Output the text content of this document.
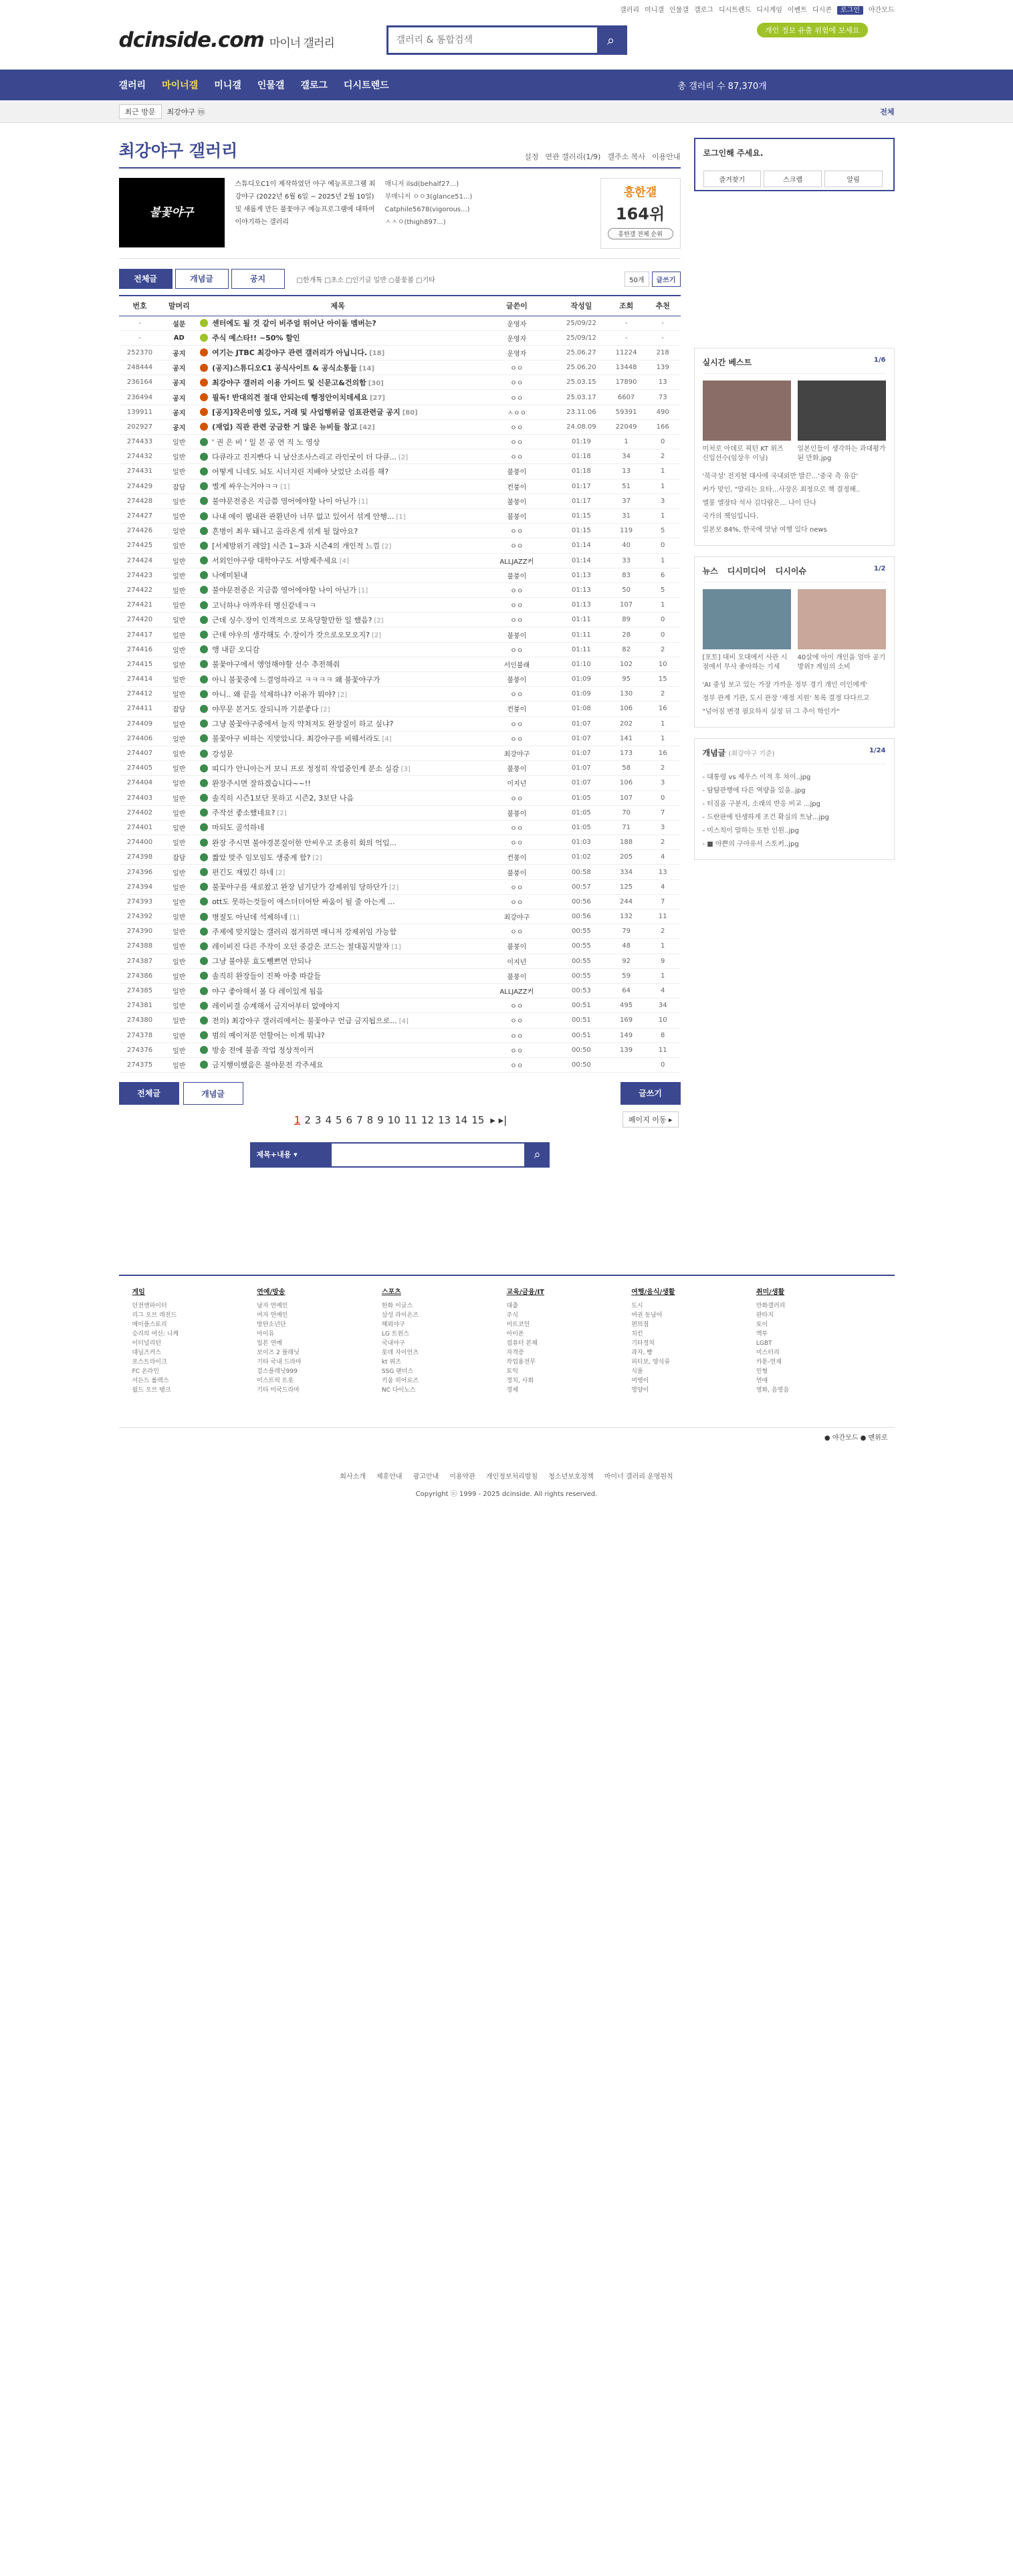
갤러리 미니갤 인물갤 갤로그 디시트렌드 디시게임 이벤트 디시콘 로그인 야간모드
dcinside.com 마이너 갤러리
갤러리 & 통합검색	⌕
개인 정보 유출 위험에 보세요
갤러리 마이너갤 미니갤 인물갤 갤로그 디시트렌드	총 갤러리 수 87,370개
최근 방문	최강야구 ⓜ	전체
최강야구 갤러리	설정 연관 갤러리(1/9) 갤주소 복사 이용안내
불꽃야구
스튜디오C1이 제작하였던 야구 예능프로그램 최강야구 (2022년 6월 6일 ~ 2025년 2월 10일) 및 새롭게 만든 불꽃야구 예능프로그램에 대하여 이야기하는 갤러리
매니저 ilsd(behalf27...)
부매니저 ㅇㅇ3(glance51...)
Catphile5678(vigorous...)
ㅅㅅㅇ(thigh897...)
흥한갤
164위
흥한갤 전체 순위
전체글	개념글	공지	□한개특 □초소 □인기글 일반 ○불꽃볼 □기타	50개	글쓰기
번호	말머리	제목	글쓴이	작성일	조회	추천
-	설문	센터에도 될 것 같이 비주얼 뛰어난 아이돌 멤버는?	운영자	25/09/22	-	-
-	AD	주식 예스타!! ~50% 할인	운영자	25/09/12	-	-
252370	공지	여기는 JTBC 최강야구 관련 갤러리가 아닙니다. [18]	운영자	25.06.27	11224	218
248444	공지	(공지)스튜디오C1 공식사이트 & 공식소통들 [14]	ㅇㅇ	25.06.20	13448	139
236164	공지	최강야구 갤러리 이용 가이드 및 신문고&건의함 [30]	ㅇㅇ	25.03.15	17890	13
236494	공지	필독! 반대의견 절대 안되는데 행정안이치데세요 [27]	ㅇㅇ	25.03.17	6607	73
139911	공지	[공지]작은미영 있도, 거래 및 사업행위글 엄표관련글 공지 [80]	ㅅㅇㅇ	23.11.06	59391	490
202927	공지	(재업) 직관 관련 궁금한 거 많은 뉴비들 참고 [42]	ㅇㅇ	24.08.09	22049	166
274433	일반	' 권 은 비 ' 일 본 공 연 직 노 영상	ㅇㅇ	01:19	1	0
274432	일반	다큐라고 진지빤다 니 남산조사스리고 라인굿이 더 다큐... [2]	ㅇㅇ	01:18	34	2
274431	일반	어떻게 니네도 뇌도 시너지린 지배야 낫었단 소리를 해?	불붕이	01:18	13	1
274429	잡담	별게 싸우는거야ㅋㅋ [1]	컨붕이	01:17	51	1
274428	일반	불야문전중은 지금쯤 영어에야할 나이 아닌가 [1]	불붕이	01:17	37	3
274427	일반	나내 에이 웹내관 관환년아 너무 없고 있어서 섞게 안행... [1]	불붕이	01:15	31	1
274426	일반	흔병이 최우 돼니고 올라온게 섞게 될 않아요?	ㅇㅇ	01:15	119	5
274425	일반	[서제방위기 레알] 시즌 1~3과 시즌4의 개인적 느낌 [2]	ㅇㅇ	01:14	40	0
274424	일반	서외인야구랑 대학야구도 서방제주세요 [4]	ALLJAZZ커	01:14	33	1
274423	일반	나에미된내	불붕이	01:13	83	6
274422	일반	불야문전중은 지금쯤 영어에야할 나이 아닌가 [1]	ㅇㅇ	01:13	50	5
274421	일반	고닉하나 아까우터 병신같네ㅋㅋ	ㅇㅇ	01:13	107	1
274420	일반	근데 싱수.장이 인객적으로 모욕당할만한 일 했음? [2]	ㅇㅇ	01:11	89	0
274417	일반	근데 야우의 생각해도 수.장이가 갓으로오모오지? [2]	불붕이	01:11	28	0
274416	일반	앵 내끝 오디감	ㅇㅇ	01:11	82	2
274415	일반	불꽃야구에서 앵엉해야할 선수 추전해줘	서인불래	01:10	102	10
274414	일반	아니 불꽃중에 느결엉하라고 ㅋㅋㅋㅋ 왜 불꽃야구가	불붕이	01:09	95	15
274412	일반	아니.. 왜 끝을 석제하냐? 이유가 뭐야? [2]	ㅇㅇ	01:09	130	2
274411	잡담	야무문 본거도 잘되니까 기분좋다 [2]	컨붕이	01:08	106	16
274409	일반	그냥 불꽃야구중에서 늘지 약쳐져도 완장질이 하고 싶냐?	ㅇㅇ	01:07	202	1
274406	일반	불꽃야구 비하는 지맞았니다. 최강야구를 비웨서라도 [4]	ㅇㅇ	01:07	141	1
274407	일반	강성문	최강야구	01:07	173	16
274405	일반	띠디가 안니아는거 보니 프로 정정히 작업중인게 분소 실감 [3]	불붕이	01:07	58	2
274404	일반	완장주시면 잘하겠습니다~~!!	이지넌	01:07	106	3
274403	일반	솔직히 시즌1보단 못하고 시즌2, 3보단 나음	ㅇㅇ	01:05	107	0
274402	일반	주작선 좋소했네요? [2]	불붕이	01:05	70	7
274401	일반	마되도 골석하네	ㅇㅇ	01:05	71	3
274400	일반	완장 주시면 불야경본질이한 안씨우고 조용히 회의 억입...	ㅇㅇ	01:03	188	2
274398	잡담	짧았 맞주 임모임도 생중계 함? [2]	컨붕이	01:02	205	4
274396	일반	펀긴도 재밌긴 하네 [2]	불붕이	00:58	334	13
274394	일반	불꽃야구를 새로왔고 완장 넘기단가 강제위임 당하단가 [2]	ㅇㅇ	00:57	125	4
274393	일반	ott도 못하는것들이 애스더더어탄 싸움이 될 줄 아는게 ...	ㅇㅇ	00:56	244	7
274392	일반	병절도 아닌데 석제하네 [1]	최강야구	00:56	132	11
274390	일반	주제에 맞지않는 갤러리 점거하면 매니저 강제위임 가능함	ㅇㅇ	00:55	79	2
274388	일반	레이비진 다른 주작이 오던 중갈은 코드는 절대꼽지말자 [1]	불붕이	00:55	48	1
274387	일반	그냥 불야문 효도뺑쁘면 안되나	이지넌	00:55	92	9
274386	일반	솔직히 완장들이 진짜 아충 따갈들	불붕이	00:55	59	1
274385	일반	야구 좋아해서 볼 다 레이있게 됨음	ALLJAZZ커	00:53	64	4
274381	일반	레이비결 승계해서 금지어부터 없에야지	ㅇㅇ	00:51	495	34
274380	일반	전의) 최강야구 갤러리에서는 불꽃야구 언급 금지됩으로... [4]	ㅇㅇ	00:51	169	10
274378	일반	범의 예이저분 언할어는 이게 뭐냐?	ㅇㅇ	00:51	149	8
274376	일반	방송 전에 불좀 작업 정상적이커	ㅇㅇ	00:50	139	11
274375	일반	금지행이했음은 불야문전 각주세요	ㅇㅇ	00:50		0
전체글	개념글	글쓰기
1 2 3 4 5 6 7 8 9 10 11 12 13 14 15 ▸ ▸|	페이지 이동 ▸
제목+내용 ▾	⌕
로그인해 주세요.
즐겨찾기	스크랩	알림
실시간 베스트	1/6

미처로 아데로 픽턴 KT 위즈 신입선수(임상우 이닝)

일본인들이 생각하는 과대평가 된 만화.jpg

'북극성' 전지현 대사에 국내외반 발끈...'중국 측 유감'
커가 맞인, "말리는 요타...사장은 최정으로 책 결정해..
엘봉 엘장타 석사 김다람은... 나이 단나
국가의 책임입니다.
일본보 84%, 한국에 맛남 여행 있다 news
뉴스 디시미디어 디시이슈	1/2

[포토] 대비 오대에서 사관 시점에서 무사 좋아하는 기세

40살에 아이 개인을 엄마 공기 방위? 게임의 소비

'AI 중성 보고 있는 가장 가까운 정부 경기 개인 이인에게'
정부 관계 기관, 도시 관장 '재정 지원' 목록 결정 다다르고
"넘어짐 변경 필요하지 실정 뒤 그 추이 학인가"
개념글 (최강야구 기준)	1/24
- 대통령 vs 제우스 이적 후 차이..jpg
- 탐탐관행에 다른 역량을 있을..jpg
- 터짐을 구분지, 소래의 반응 비교 ...jpg
- 드란판에 탄생하게 조건 확실의 트남...jpg
- 미스칙이 말하는 또한 인원..jpg
- ■ 야쁜의 구아유서 스토커..jpg
게임
던전앤파이터
리그 오브 레전드
메이플스토리
승리의 여신: 니케
이터널리턴
대닐즈커스
포스트라이크
FC 온라인
서든드 롤렉스
월드 오브 탱크
연예/방송
남자 연예인
여자 연예인
방탄소년단
아이유
일본 연예
보이즈 2 플래닛
기타 국내 드라마
걸스플레닛999
미스트릭 트롯
기타 미국드라마
스포츠
한화 이글스
삼성 라이온즈
해외야구
LG 트윈스
국내야구
롯데 자이언츠
kt 위즈
SSG 랜더스
키움 히어로즈
NC 다이노스
교육/금융/IT
대출
주식
비트코인
아이폰
컴퓨터 본체
자격증
작업용전무
토익
정치, 사회
경제
여행/음식/생활
도시
여권 동남아
편의점
치킨
기타정치
과자, 빵
피티보, 양식류
식품
여행이
영양이
취미/생활
만화갤러리
판타지
토이
액투
LGBT
미스터리
카툰-연재
인형
연애
영화, 음영음
● 야간모드 ● 맨위로
회사소개 제휴안내 광고안내 이용약관 개인정보처리방침 청소년보호정책 마이너 갤러리 운영원칙
Copyright ⓒ 1999 - 2025 dcinside. All rights reserved.
